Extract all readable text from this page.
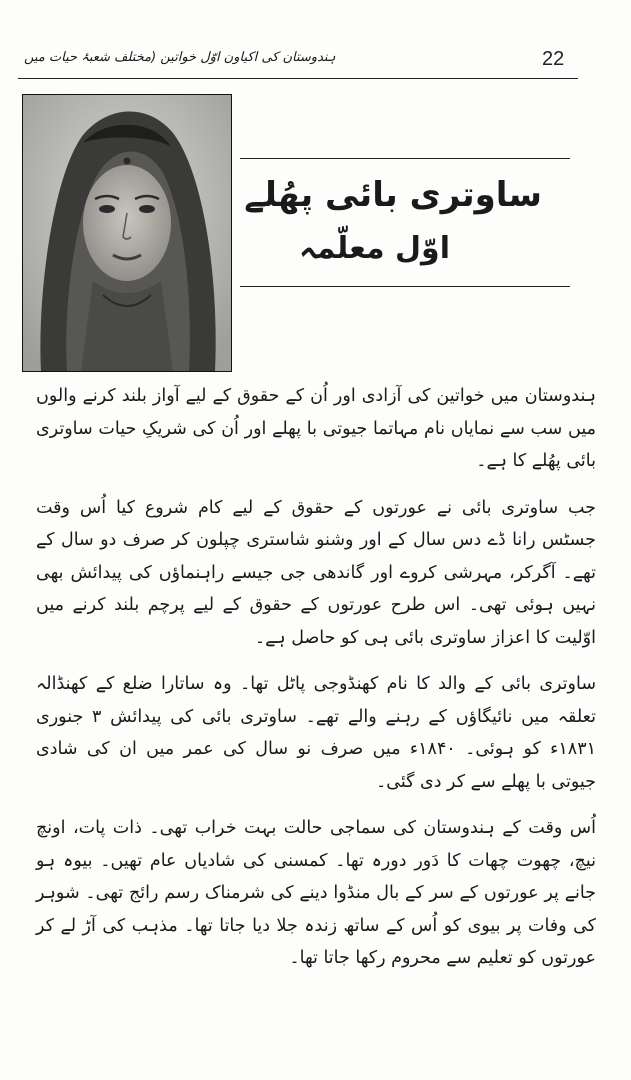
ہندوستان کی اکیاون اوّل خواتین (مختلف شعبۂ حیات میں	22
ساوتری بائی پھُلے
اوّل معلّمہ

ہندوستان میں خواتین کی آزادی اور اُن کے حقوق کے لیے آواز بلند کرنے والوں میں سب سے نمایاں نام مہاتما جیوتی با پھلے اور اُن کی شریکِ حیات ساوتری بائی پھُلے کا ہے۔

جب ساوتری بائی نے عورتوں کے حقوق کے لیے کام شروع کیا اُس وقت جسٹس رانا ڈے دس سال کے اور وشنو شاستری چپلون کر صرف دو سال کے تھے۔ آگرکر، مہرشی کروے اور گاندھی جی جیسے راہنماؤں کی پیدائش بھی نہیں ہوئی تھی۔ اس طرح عورتوں کے حقوق کے لیے پرچم بلند کرنے میں اوّلیت کا اعزاز ساوتری بائی ہی کو حاصل ہے۔

ساوتری بائی کے والد کا نام کھنڈوجی پاٹل تھا۔ وہ ساتارا ضلع کے کھنڈالہ تعلقہ میں نائیگاؤں کے رہنے والے تھے۔ ساوتری بائی کی پیدائش ۳ جنوری ۱۸۳۱ء کو ہوئی۔ ۱۸۴۰ء میں صرف نو سال کی عمر میں ان کی شادی جیوتی با پھلے سے کر دی گئی۔

اُس وقت کے ہندوستان کی سماجی حالت بہت خراب تھی۔ ذات پات، اونچ نیچ، چھوت چھات کا دَور دورہ تھا۔ کمسنی کی شادیاں عام تھیں۔ بیوہ ہو جانے پر عورتوں کے سر کے بال منڈوا دینے کی شرمناک رسم رائج تھی۔ شوہر کی وفات پر بیوی کو اُس کے ساتھ زندہ جلا دیا جاتا تھا۔ مذہب کی آڑ لے کر عورتوں کو تعلیم سے محروم رکھا جاتا تھا۔
